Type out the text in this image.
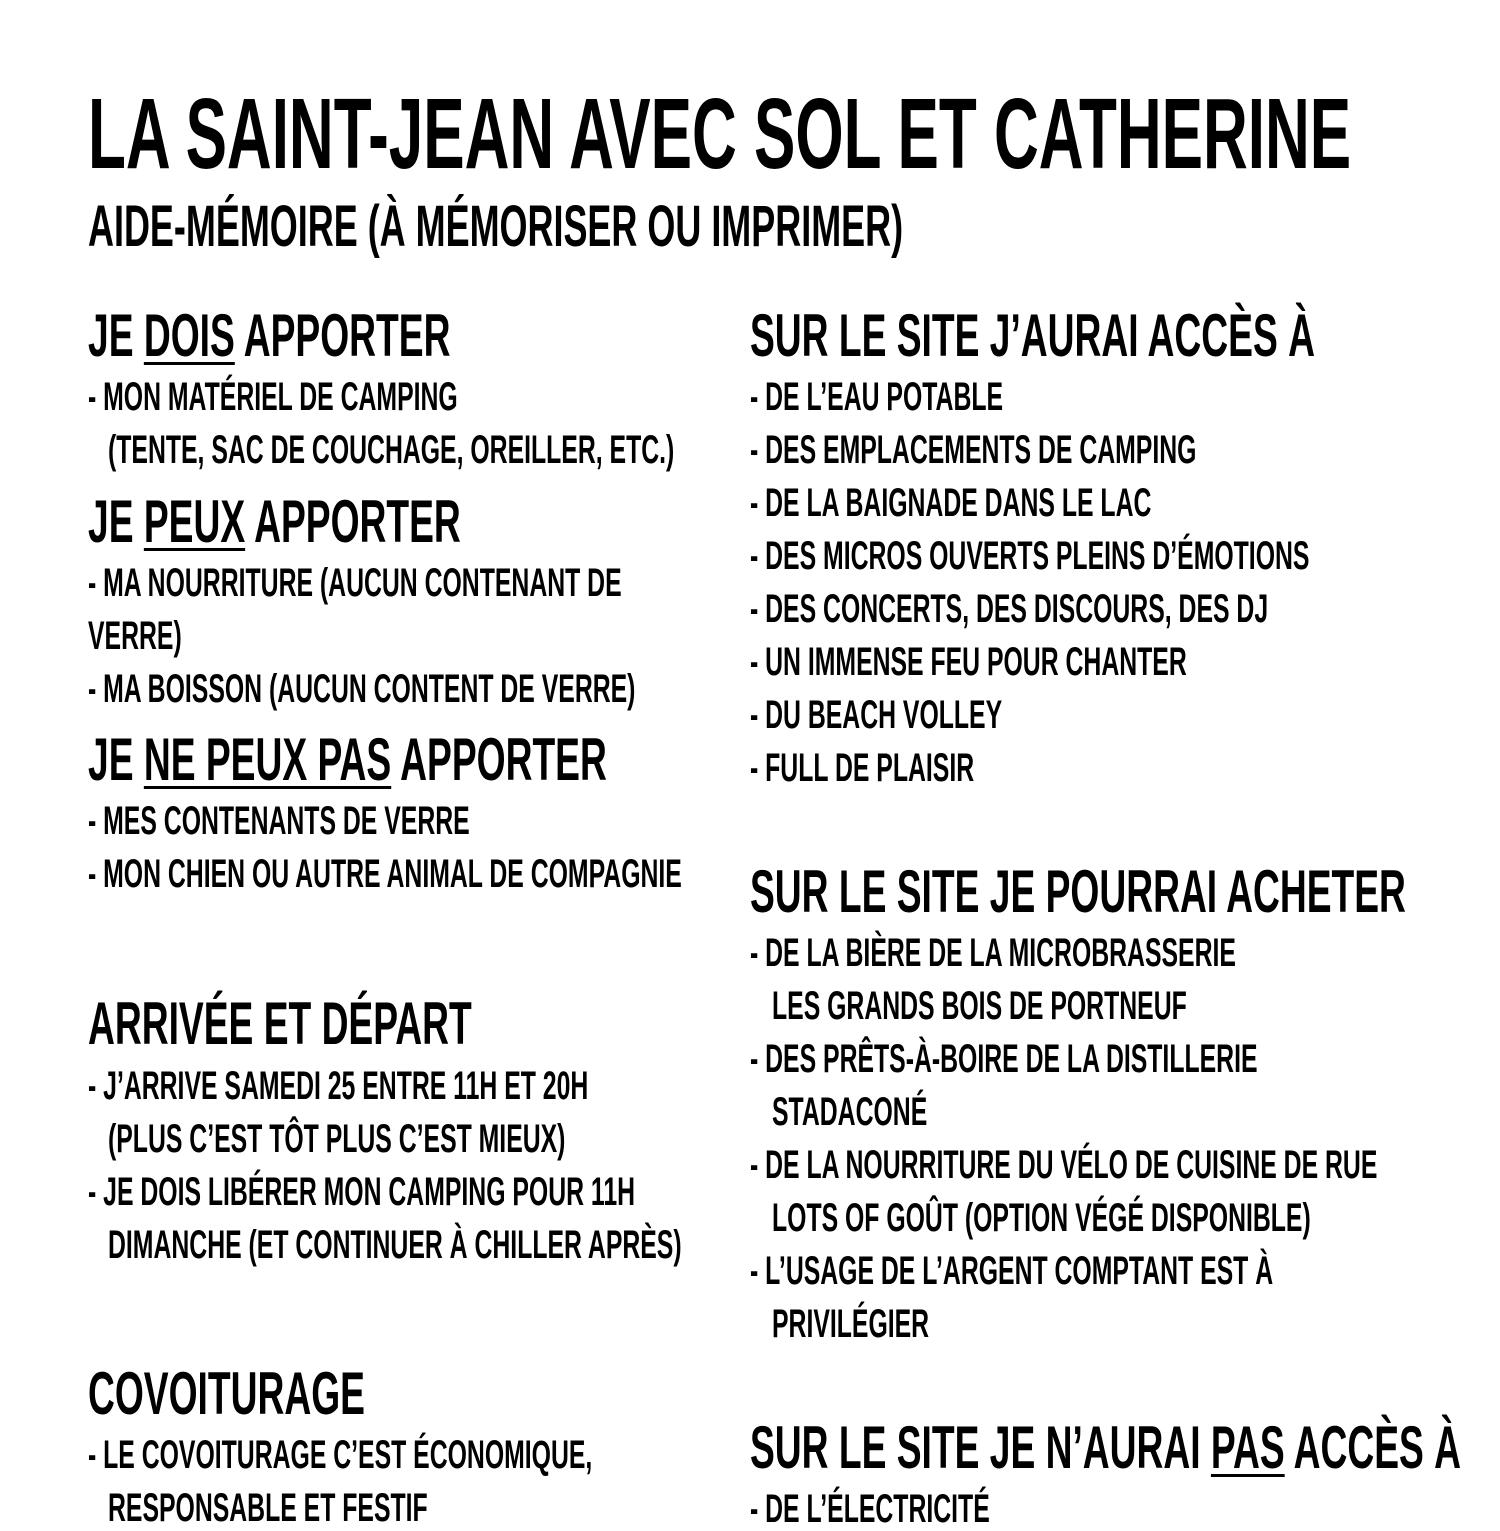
LA SAINT-JEAN AVEC SOL ET CATHERINE
AIDE-MÉMOIRE (À MÉMORISER OU IMPRIMER)
JE DOIS APPORTER
- MON MATÉRIEL DE CAMPING
(TENTE, SAC DE COUCHAGE, OREILLER, ETC.)
JE PEUX APPORTER
- MA NOURRITURE (AUCUN CONTENANT DE
VERRE)
- MA BOISSON (AUCUN CONTENT DE VERRE)
JE NE PEUX PAS APPORTER
- MES CONTENANTS DE VERRE
- MON CHIEN OU AUTRE ANIMAL DE COMPAGNIE
ARRIVÉE ET DÉPART
- J’ARRIVE SAMEDI 25 ENTRE 11H ET 20H
(PLUS C’EST TÔT PLUS C’EST MIEUX)
- JE DOIS LIBÉRER MON CAMPING POUR 11H
DIMANCHE (ET CONTINUER À CHILLER APRÈS)
COVOITURAGE
- LE COVOITURAGE C’EST ÉCONOMIQUE,
RESPONSABLE ET FESTIF
SUR LE SITE J’AURAI ACCÈS À
- DE L’EAU POTABLE
- DES EMPLACEMENTS DE CAMPING
- DE LA BAIGNADE DANS LE LAC
- DES MICROS OUVERTS PLEINS D’ÉMOTIONS
- DES CONCERTS, DES DISCOURS, DES DJ
- UN IMMENSE FEU POUR CHANTER
- DU BEACH VOLLEY
- FULL DE PLAISIR
SUR LE SITE JE POURRAI ACHETER
- DE LA BIÈRE DE LA MICROBRASSERIE
LES GRANDS BOIS DE PORTNEUF
- DES PRÊTS-À-BOIRE DE LA DISTILLERIE
STADACONÉ
- DE LA NOURRITURE DU VÉLO DE CUISINE DE RUE
LOTS OF GOÛT (OPTION VÉGÉ DISPONIBLE)
- L’USAGE DE L’ARGENT COMPTANT EST À
PRIVILÉGIER
SUR LE SITE JE N’AURAI PAS ACCÈS À
- DE L’ÉLECTRICITÉ
